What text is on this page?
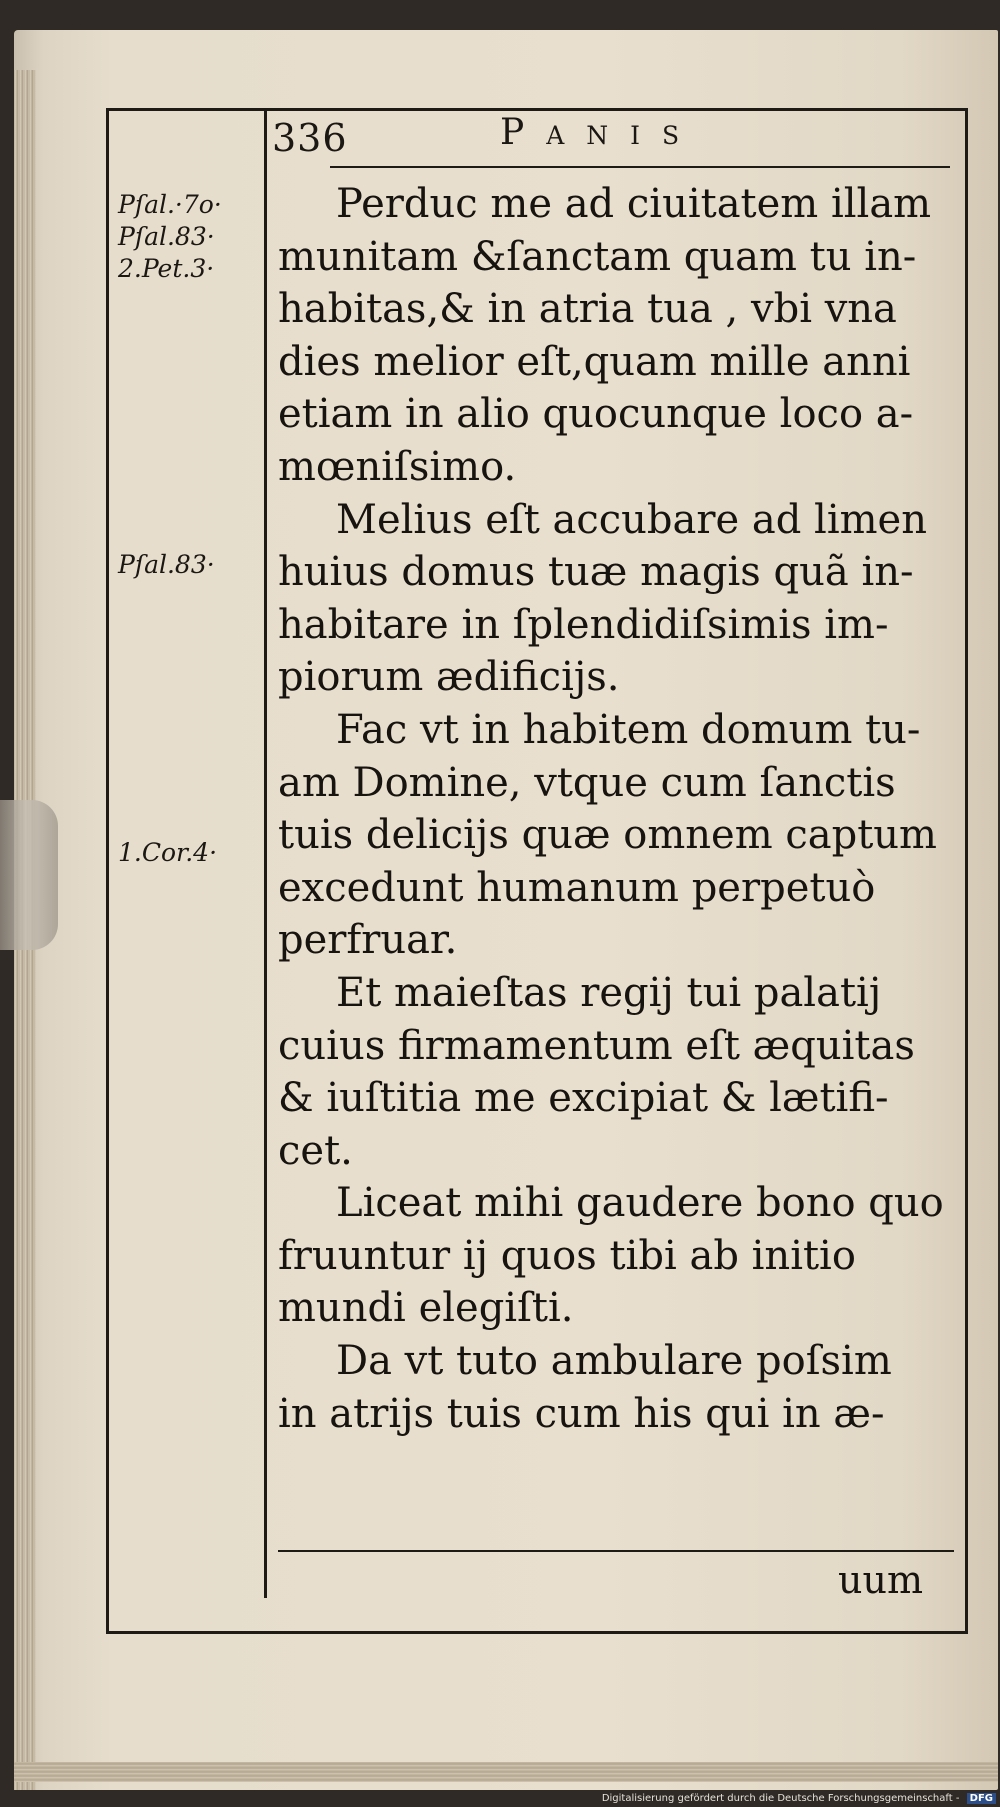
336	Panis
Pſal.·7o·
Pſal.83·
2.Pet.3·
Pſal.83·
1.Cor.4·
Perduc me ad ciuitatem illam
munitam &ſanctam quam tu in-
habitas,& in atria tua , vbi vna
dies melior eſt,quam mille anni
etiam in alio quocunque loco a-
mœniſsimo.
Melius eſt accubare ad limen
huius domus tuæ magis quã in-
habitare in ſplendidiſsimis im-
piorum ædificijs.
Fac vt in habitem domum tu-
am Domine, vtque cum ſanctis
tuis delicijs quæ omnem captum
excedunt humanum perpetuò
perfruar.
Et maieſtas regij tui palatij
cuius firmamentum eſt æquitas
& iuſtitia me excipiat & lætifi-
cet.
Liceat mihi gaudere bono quo
fruuntur ij quos tibi ab initio
mundi elegiſti.
Da vt tuto ambulare poſsim
in atrijs tuis cum his qui in æ-
uum
Digitalisierung gefördert durch die Deutsche Forschungsgemeinschaft - DFG
